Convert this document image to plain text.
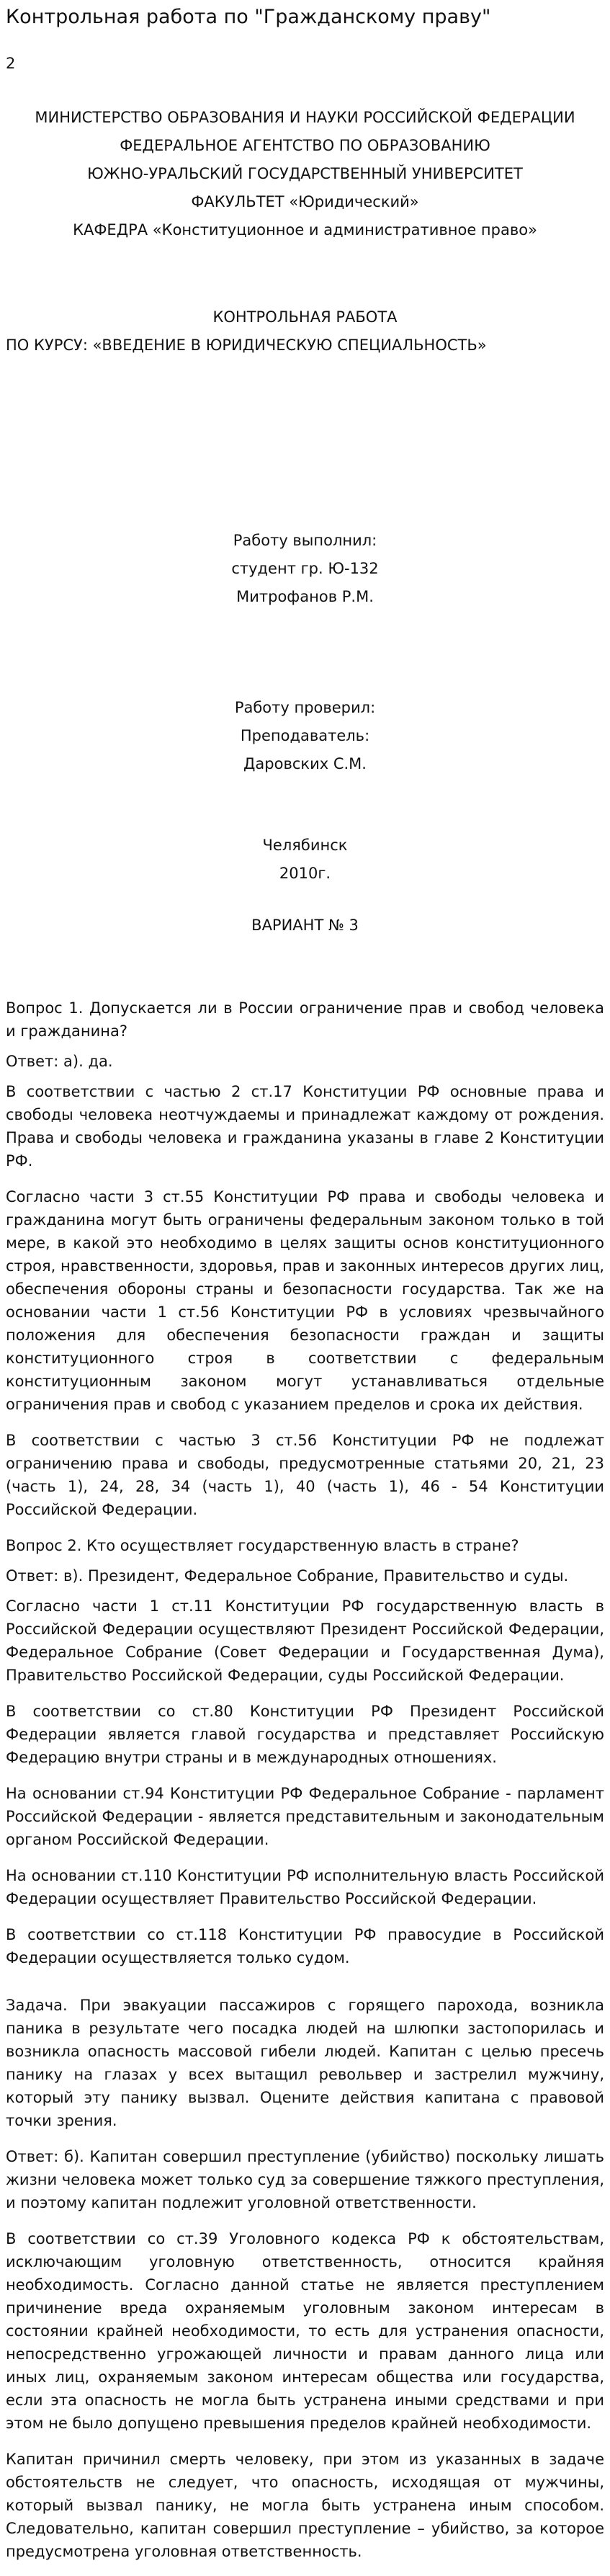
Контрольная работа по "Гражданскому праву"
2
МИНИСТЕРСТВО ОБРАЗОВАНИЯ И НАУКИ РОССИЙСКОЙ ФЕДЕРАЦИИ
ФЕДЕРАЛЬНОЕ АГЕНТСТВО ПО ОБРАЗОВАНИЮ
ЮЖНО-УРАЛЬСКИЙ ГОСУДАРСТВЕННЫЙ УНИВЕРСИТЕТ
ФАКУЛЬТЕТ «Юридический»
КАФЕДРА «Конституционное и административное право»
КОНТРОЛЬНАЯ РАБОТА
ПО КУРСУ: «ВВЕДЕНИЕ В ЮРИДИЧЕСКУЮ СПЕЦИАЛЬНОСТЬ»
Работу выполнил:
студент гр. Ю-132
Митрофанов Р.М.
Работу проверил:
Преподаватель:
Даровских С.М.
Челябинск
2010г.
ВАРИАНТ № 3

Вопрос 1. Допускается ли в России ограничение прав и свобод человека и гражданина?

Ответ: а). да.

В соответствии с частью 2 ст.17 Конституции РФ основные права и свободы человека неотчуждаемы и принадлежат каждому от рождения. Права и свободы человека и гражданина указаны в главе 2 Конституции РФ.

Согласно части 3 ст.55 Конституции РФ права и свободы человека и гражданина могут быть ограничены федеральным законом только в той мере, в какой это необходимо в целях защиты основ конституционного строя, нравственности, здоровья, прав и законных интересов других лиц, обеспечения обороны страны и безопасности государства. Так же на основании части 1 ст.56 Конституции РФ в условиях чрезвычайного положения для обеспечения безопасности граждан и защиты конституционного строя в соответствии с федеральным конституционным законом могут устанавливаться отдельные ограничения прав и свобод с указанием пределов и срока их действия.

В соответствии с частью 3 ст.56 Конституции РФ не подлежат ограничению права и свободы, предусмотренные статьями 20, 21, 23 (часть 1), 24, 28, 34 (часть 1), 40 (часть 1), 46 - 54 Конституции Российской Федерации.

Вопрос 2. Кто осуществляет государственную власть в стране?

Ответ: в). Президент, Федеральное Собрание, Правительство и суды.

Согласно части 1 ст.11 Конституции РФ государственную власть в Российской Федерации осуществляют Президент Российской Федерации, Федеральное Собрание (Совет Федерации и Государственная Дума), Правительство Российской Федерации, суды Российской Федерации.

В соответствии со ст.80 Конституции РФ Президент Российской Федерации является главой государства и представляет Российскую Федерацию внутри страны и в международных отношениях.

На основании ст.94 Конституции РФ Федеральное Собрание - парламент Российской Федерации - является представительным и законодательным органом Российской Федерации.

На основании ст.110 Конституции РФ исполнительную власть Российской Федерации осуществляет Правительство Российской Федерации.

В соответствии со ст.118 Конституции РФ правосудие в Российской Федерации осуществляется только судом.

Задача. При эвакуации пассажиров с горящего парохода, возникла паника в результате чего посадка людей на шлюпки застопорилась и возникла опасность массовой гибели людей. Капитан с целью пресечь панику на глазах у всех вытащил револьвер и застрелил мужчину, который эту панику вызвал. Оцените действия капитана с правовой точки зрения.

Ответ: б). Капитан совершил преступление (убийство) поскольку лишать жизни человека может только суд за совершение тяжкого преступления, и поэтому капитан подлежит уголовной ответственности.

В соответствии со ст.39 Уголовного кодекса РФ к обстоятельствам, исключающим уголовную ответственность, относится крайняя необходимость. Согласно данной статье не является преступлением причинение вреда охраняемым уголовным законом интересам в состоянии крайней необходимости, то есть для устранения опасности, непосредственно угрожающей личности и правам данного лица или иных лиц, охраняемым законом интересам общества или государства, если эта опасность не могла быть устранена иными средствами и при этом не было допущено превышения пределов крайней необходимости.

Капитан причинил смерть человеку, при этом из указанных в задаче обстоятельств не следует, что опасность, исходящая от мужчины, который вызвал панику, не могла быть устранена иным способом. Следовательно, капитан совершил преступление – убийство, за которое предусмотрена уголовная ответственность.
